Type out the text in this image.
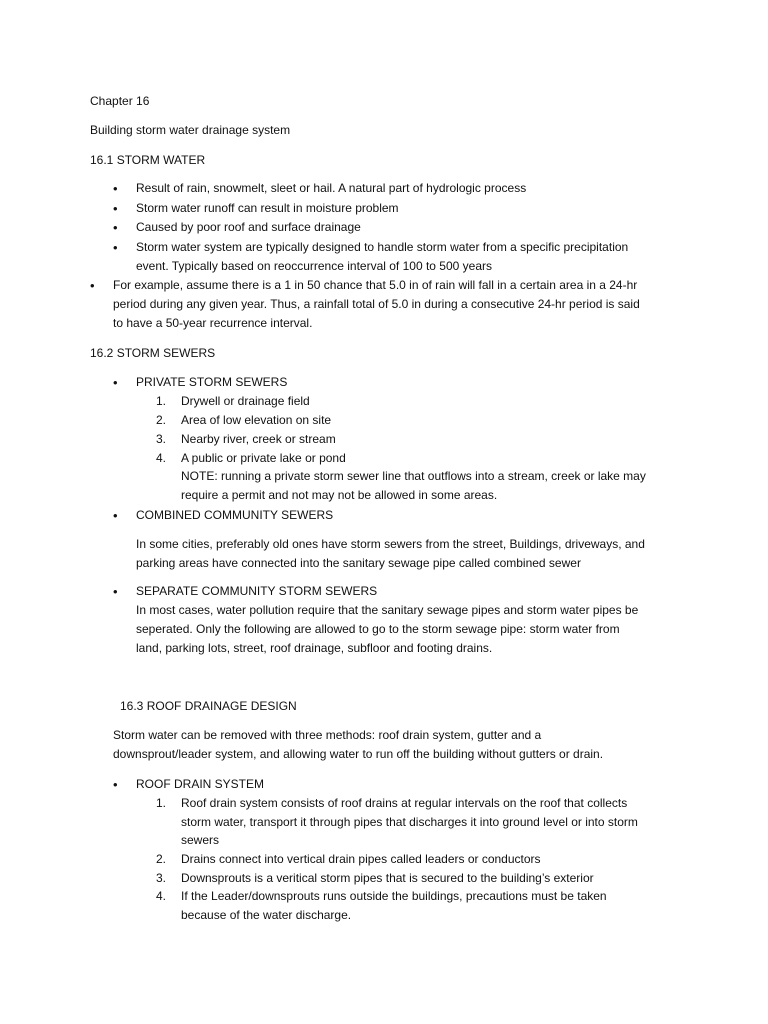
Chapter 16
Building storm water drainage system
16.1 STORM WATER
• Result of rain, snowmelt, sleet or hail. A natural part of hydrologic process
• Storm water runoff can result in moisture problem
• Caused by poor roof and surface drainage
• Storm water system are typically designed to handle storm water from a specific precipitation
event. Typically based on reoccurrence interval of 100 to 500 years
• For example, assume there is a 1 in 50 chance that 5.0 in of rain will fall in a certain area in a 24-hr
period during any given year. Thus, a rainfall total of 5.0 in during a consecutive 24-hr period is said
to have a 50-year recurrence interval.
16.2 STORM SEWERS
• PRIVATE STORM SEWERS
1. Drywell or drainage field
2. Area of low elevation on site
3. Nearby river, creek or stream
4. A public or private lake or pond
NOTE: running a private storm sewer line that outflows into a stream, creek or lake may
require a permit and not may not be allowed in some areas.
• COMBINED COMMUNITY SEWERS
In some cities, preferably old ones have storm sewers from the street, Buildings, driveways, and
parking areas have connected into the sanitary sewage pipe called combined sewer
• SEPARATE COMMUNITY STORM SEWERS
In most cases, water pollution require that the sanitary sewage pipes and storm water pipes be
seperated. Only the following are allowed to go to the storm sewage pipe: storm water from
land, parking lots, street, roof drainage, subfloor and footing drains.
16.3 ROOF DRAINAGE DESIGN
Storm water can be removed with three methods: roof drain system, gutter and a
downsprout/leader system, and allowing water to run off the building without gutters or drain.
• ROOF DRAIN SYSTEM
1. Roof drain system consists of roof drains at regular intervals on the roof that collects
storm water, transport it through pipes that discharges it into ground level or into storm
sewers
2. Drains connect into vertical drain pipes called leaders or conductors
3. Downsprouts is a veritical storm pipes that is secured to the building’s exterior
4. If the Leader/downsprouts runs outside the buildings, precautions must be taken
because of the water discharge.
